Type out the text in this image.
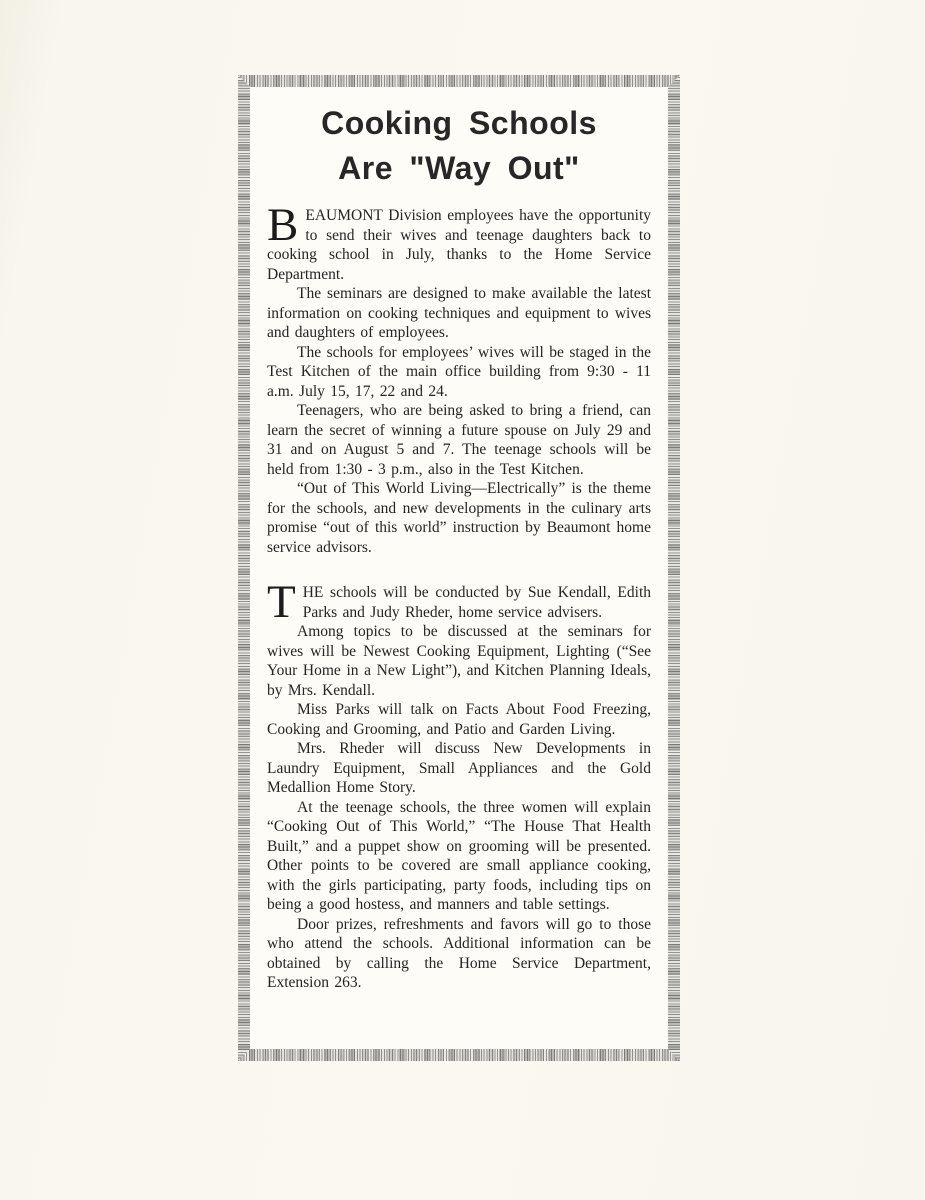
Cooking Schools
Are "Way Out"

BEAUMONT Division employees have the opportunity to send their wives and teenage daughters back to cooking school in July, thanks to the Home Service Department.

The seminars are designed to make available the latest information on cooking techniques and equipment to wives and daughters of employees.

The schools for employees’ wives will be staged in the Test Kitchen of the main office building from 9:30 - 11 a.m. July 15, 17, 22 and 24.

Teenagers, who are being asked to bring a friend, can learn the secret of winning a future spouse on July 29 and 31 and on August 5 and 7. The teenage schools will be held from 1:30 - 3 p.m., also in the Test Kitchen.

“Out of This World Living—Electrically” is the theme for the schools, and new developments in the culinary arts promise “out of this world” instruction by Beaumont home service advisors.

THE schools will be conducted by Sue Kendall, Edith Parks and Judy Rheder, home service advisers.

Among topics to be discussed at the seminars for wives will be Newest Cooking Equipment, Lighting (“See Your Home in a New Light”), and Kitchen Planning Ideals, by Mrs. Kendall.

Miss Parks will talk on Facts About Food Freezing, Cooking and Grooming, and Patio and Garden Living.

Mrs. Rheder will discuss New Developments in Laundry Equipment, Small Appliances and the Gold Medallion Home Story.

At the teenage schools, the three women will explain “Cooking Out of This World,” “The House That Health Built,” and a puppet show on grooming will be presented. Other points to be covered are small appliance cooking, with the girls participating, party foods, including tips on being a good hostess, and manners and table settings.

Door prizes, refreshments and favors will go to those who attend the schools. Additional information can be obtained by calling the Home Service Department, Extension 263.
